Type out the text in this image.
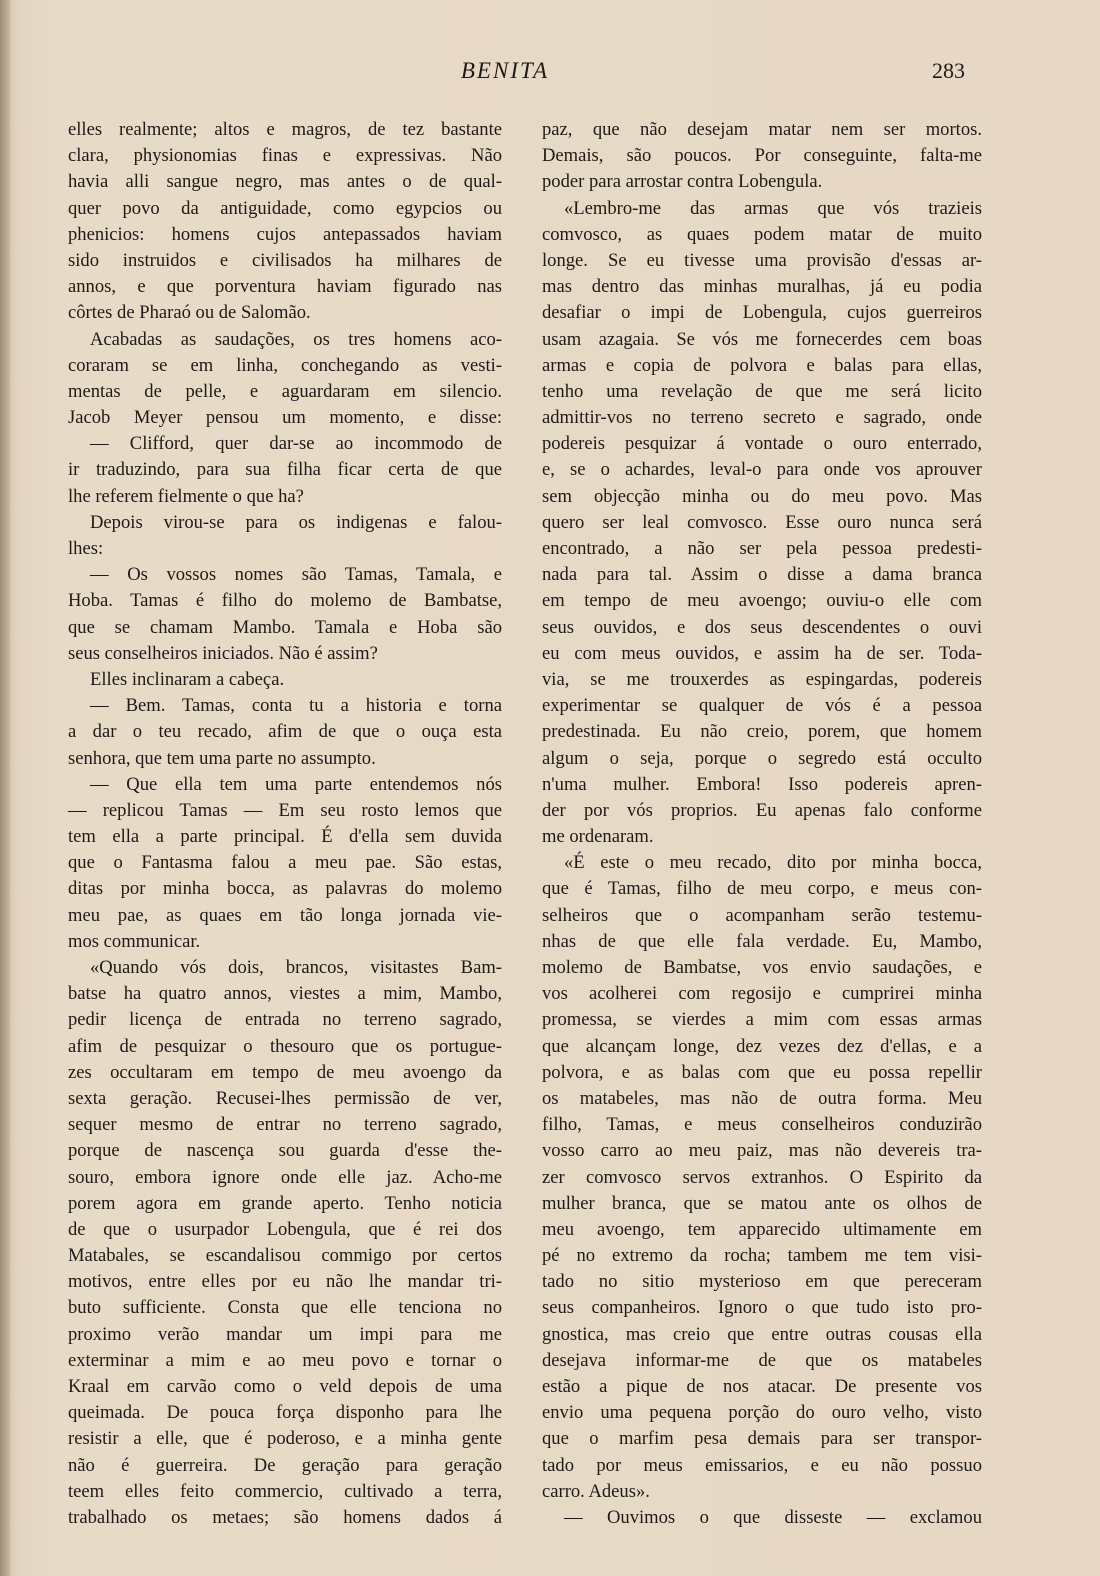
BENITA	283
elles realmente; altos e magros, de tez bastante
clara, physionomias finas e expressivas. Não
havia alli sangue negro, mas antes o de qual-
quer povo da antiguidade, como egypcios ou
phenicios: homens cujos antepassados haviam
sido instruidos e civilisados ha milhares de
annos, e que porventura haviam figurado nas
côrtes de Pharaó ou de Salomão.
Acabadas as saudações, os tres homens aco-
coraram se em linha, conchegando as vesti-
mentas de pelle, e aguardaram em silencio.
Jacob Meyer pensou um momento, e disse:
— Clifford, quer dar-se ao incommodo de
ir traduzindo, para sua filha ficar certa de que
lhe referem fielmente o que ha?
Depois virou-se para os indigenas e falou-
lhes:
— Os vossos nomes são Tamas, Tamala, e
Hoba. Tamas é filho do molemo de Bambatse,
que se chamam Mambo. Tamala e Hoba são
seus conselheiros iniciados. Não é assim?
Elles inclinaram a cabeça.
— Bem. Tamas, conta tu a historia e torna
a dar o teu recado, afim de que o ouça esta
senhora, que tem uma parte no assumpto.
— Que ella tem uma parte entendemos nós
— replicou Tamas — Em seu rosto lemos que
tem ella a parte principal. É d'ella sem duvida
que o Fantasma falou a meu pae. São estas,
ditas por minha bocca, as palavras do molemo
meu pae, as quaes em tão longa jornada vie-
mos communicar.
«Quando vós dois, brancos, visitastes Bam-
batse ha quatro annos, viestes a mim, Mambo,
pedir licença de entrada no terreno sagrado,
afim de pesquizar o thesouro que os portugue-
zes occultaram em tempo de meu avoengo da
sexta geração. Recusei-lhes permissão de ver,
sequer mesmo de entrar no terreno sagrado,
porque de nascença sou guarda d'esse the-
souro, embora ignore onde elle jaz. Acho-me
porem agora em grande aperto. Tenho noticia
de que o usurpador Lobengula, que é rei dos
Matabales, se escandalisou commigo por certos
motivos, entre elles por eu não lhe mandar tri-
buto sufficiente. Consta que elle tenciona no
proximo verão mandar um impi para me
exterminar a mim e ao meu povo e tornar o
Kraal em carvão como o veld depois de uma
queimada. De pouca força disponho para lhe
resistir a elle, que é poderoso, e a minha gente
não é guerreira. De geração para geração
teem elles feito commercio, cultivado a terra,
trabalhado os metaes; são homens dados á
paz, que não desejam matar nem ser mortos.
Demais, são poucos. Por conseguinte, falta-me
poder para arrostar contra Lobengula.
«Lembro-me das armas que vós trazieis
comvosco, as quaes podem matar de muito
longe. Se eu tivesse uma provisão d'essas ar-
mas dentro das minhas muralhas, já eu podia
desafiar o impi de Lobengula, cujos guerreiros
usam azagaia. Se vós me fornecerdes cem boas
armas e copia de polvora e balas para ellas,
tenho uma revelação de que me será licito
admittir-vos no terreno secreto e sagrado, onde
podereis pesquizar á vontade o ouro enterrado,
e, se o achardes, leval-o para onde vos aprouver
sem objecção minha ou do meu povo. Mas
quero ser leal comvosco. Esse ouro nunca será
encontrado, a não ser pela pessoa predesti-
nada para tal. Assim o disse a dama branca
em tempo de meu avoengo; ouviu-o elle com
seus ouvidos, e dos seus descendentes o ouvi
eu com meus ouvidos, e assim ha de ser. Toda-
via, se me trouxerdes as espingardas, podereis
experimentar se qualquer de vós é a pessoa
predestinada. Eu não creio, porem, que homem
algum o seja, porque o segredo está occulto
n'uma mulher. Embora! Isso podereis apren-
der por vós proprios. Eu apenas falo conforme
me ordenaram.
«É este o meu recado, dito por minha bocca,
que é Tamas, filho de meu corpo, e meus con-
selheiros que o acompanham serão testemu-
nhas de que elle fala verdade. Eu, Mambo,
molemo de Bambatse, vos envio saudações, e
vos acolherei com regosijo e cumprirei minha
promessa, se vierdes a mim com essas armas
que alcançam longe, dez vezes dez d'ellas, e a
polvora, e as balas com que eu possa repellir
os matabeles, mas não de outra forma. Meu
filho, Tamas, e meus conselheiros conduzirão
vosso carro ao meu paiz, mas não devereis tra-
zer comvosco servos extranhos. O Espirito da
mulher branca, que se matou ante os olhos de
meu avoengo, tem apparecido ultimamente em
pé no extremo da rocha; tambem me tem visi-
tado no sitio mysterioso em que pereceram
seus companheiros. Ignoro o que tudo isto pro-
gnostica, mas creio que entre outras cousas ella
desejava informar-me de que os matabeles
estão a pique de nos atacar. De presente vos
envio uma pequena porção do ouro velho, visto
que o marfim pesa demais para ser transpor-
tado por meus emissarios, e eu não possuo
carro. Adeus».
— Ouvimos o que disseste — exclamou
